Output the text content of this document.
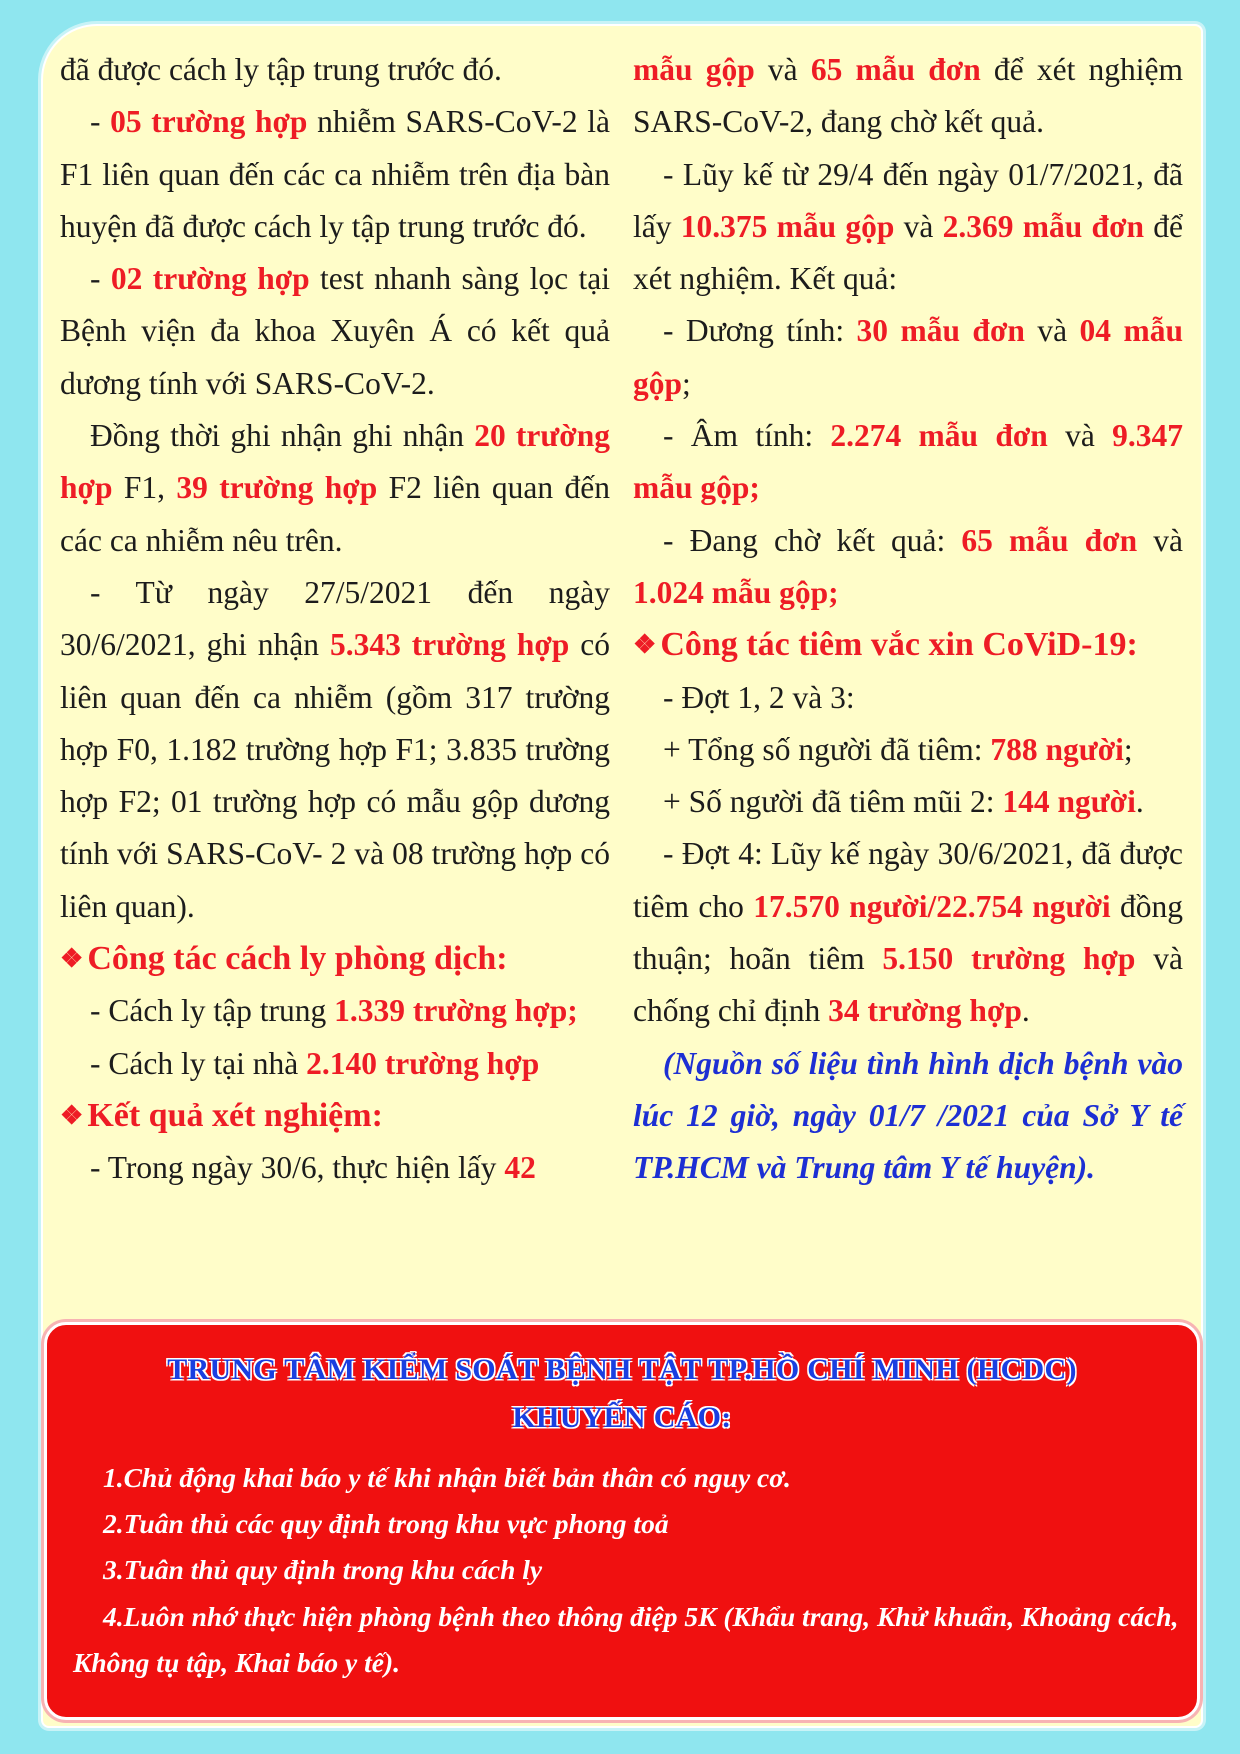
đã được cách ly tập trung trước đó.

- 05 trường hợp nhiễm SARS-CoV-2 là F1 liên quan đến các ca nhiễm trên địa bàn huyện đã được cách ly tập trung trước đó.

- 02 trường hợp test nhanh sàng lọc tại Bệnh viện đa khoa Xuyên Á có kết quả dương tính với SARS-CoV-2.

Đồng thời ghi nhận ghi nhận 20 trường hợp F1, 39 trường hợp F2 liên quan đến các ca nhiễm nêu trên.

- Từ ngày 27/5/2021 đến ngày 30/6/2021, ghi nhận 5.343 trường hợp có liên quan đến ca nhiễm (gồm 317 trường hợp F0, 1.182 trường hợp F1; 3.835 trường hợp F2; 01 trường hợp có mẫu gộp dương tính với SARS-CoV- 2 và 08 trường hợp có liên quan).

❖ Công tác cách ly phòng dịch:

- Cách ly tập trung 1.339 trường hợp;

- Cách ly tại nhà 2.140 trường hợp

❖ Kết quả xét nghiệm:

- Trong ngày 30/6, thực hiện lấy 42

mẫu gộp và 65 mẫu đơn để xét nghiệm SARS-CoV-2, đang chờ kết quả.

- Lũy kế từ 29/4 đến ngày 01/7/2021, đã lấy 10.375 mẫu gộp và 2.369 mẫu đơn để xét nghiệm. Kết quả:

- Dương tính: 30 mẫu đơn và 04 mẫu gộp;

- Âm tính: 2.274 mẫu đơn và 9.347 mẫu gộp;

- Đang chờ kết quả: 65 mẫu đơn và 1.024 mẫu gộp;

❖ Công tác tiêm vắc xin CoViD-19:

- Đợt 1, 2 và 3:

+ Tổng số người đã tiêm: 788 người;

+ Số người đã tiêm mũi 2: 144 người.

- Đợt 4: Lũy kế ngày 30/6/2021, đã được tiêm cho 17.570 người/22.754 người đồng thuận; hoãn tiêm 5.150 trường hợp và chống chỉ định 34 trường hợp.

(Nguồn số liệu tình hình dịch bệnh vào lúc 12 giờ, ngày 01/7 /2021 của Sở Y tế TP.HCM và Trung tâm Y tế huyện).

TRUNG TÂM KIỂM SOÁT BỆNH TẬT TP.HỒ CHÍ MINH (HCDC)
KHUYẾN CÁO:

1.Chủ động khai báo y tế khi nhận biết bản thân có nguy cơ.

2.Tuân thủ các quy định trong khu vực phong toả

3.Tuân thủ quy định trong khu cách ly

4.Luôn nhớ thực hiện phòng bệnh theo thông điệp 5K (Khẩu trang, Khử khuẩn, Khoảng cách, Không tụ tập, Khai báo y tế).
